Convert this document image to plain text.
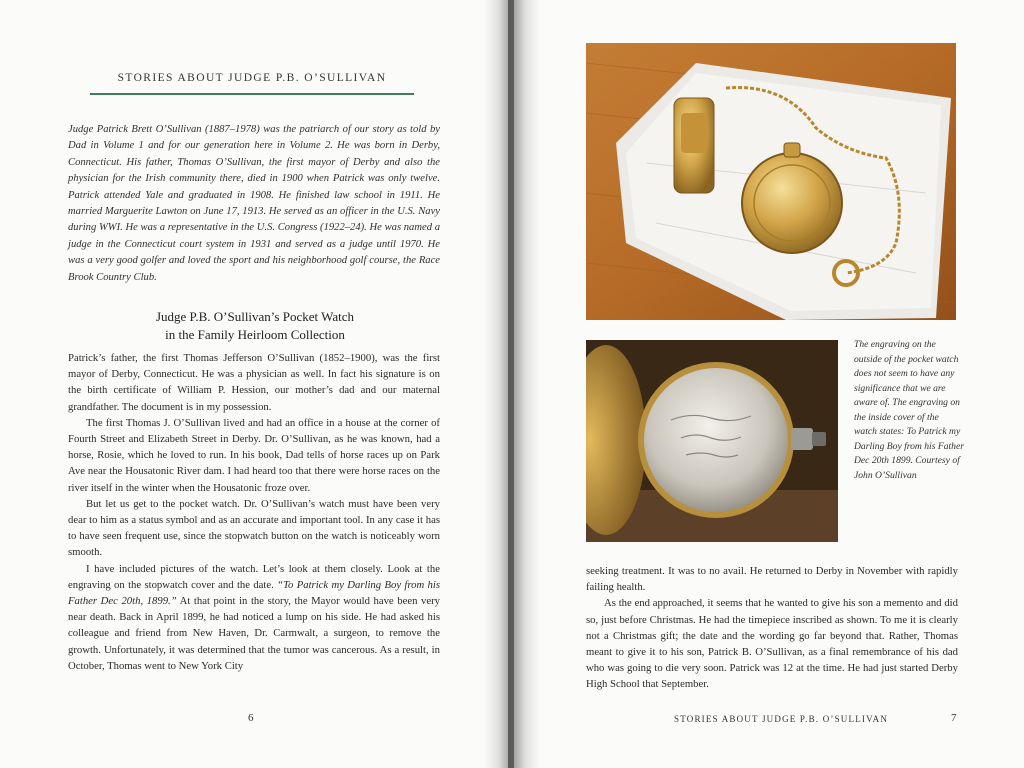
STORIES ABOUT JUDGE P.B. O’SULLIVAN
Judge Patrick Brett O’Sullivan (1887–1978) was the patriarch of our story as told by Dad in Volume 1 and for our generation here in Volume 2. He was born in Derby, Connecticut. His father, Thomas O’Sullivan, the first mayor of Derby and also the physician for the Irish community there, died in 1900 when Patrick was only twelve. Patrick attended Yale and graduated in 1908. He finished law school in 1911. He married Marguerite Lawton on June 17, 1913. He served as an officer in the U.S. Navy during WWI. He was a representative in the U.S. Congress (1922–24). He was named a judge in the Connecticut court system in 1931 and served as a judge until 1970. He was a very good golfer and loved the sport and his neighborhood golf course, the Race Brook Country Club.
Judge P.B. O’Sullivan’s Pocket Watch
in the Family Heirloom Collection

Patrick’s father, the first Thomas Jefferson O’Sullivan (1852–1900), was the first mayor of Derby, Connecticut. He was a physician as well. In fact his signature is on the birth certificate of William P. Hession, our mother’s dad and our maternal grandfather. The document is in my possession.

The first Thomas J. O’Sullivan lived and had an office in a house at the corner of Fourth Street and Elizabeth Street in Derby. Dr. O’Sullivan, as he was known, had a horse, Rosie, which he loved to run. In his book, Dad tells of horse races up on Park Ave near the Housatonic River dam. I had heard too that there were horse races on the river itself in the winter when the Housatonic froze over.

But let us get to the pocket watch. Dr. O’Sullivan’s watch must have been very dear to him as a status symbol and as an accurate and important tool. In any case it has to have seen frequent use, since the stopwatch button on the watch is noticeably worn smooth.

I have included pictures of the watch. Let’s look at them closely. Look at the engraving on the stopwatch cover and the date. “To Patrick my Darling Boy from his Father Dec 20th, 1899.” At that point in the story, the Mayor would have been very near death. Back in April 1899, he had noticed a lump on his side. He had asked his colleague and friend from New Haven, Dr. Carmwalt, a surgeon, to remove the growth. Unfortunately, it was determined that the tumor was cancerous. As a result, in October, Thomas went to New York City

6
The engraving on the outside of the pocket watch does not seem to have any significance that we are aware of. The engraving on the inside cover of the watch states: To Patrick my Darling Boy from his Father Dec 20th 1899. Courtesy of John O’Sullivan

seeking treatment. It was to no avail. He returned to Derby in November with rapidly failing health.

As the end approached, it seems that he wanted to give his son a memento and did so, just before Christmas. He had the timepiece inscribed as shown. To me it is clearly not a Christmas gift; the date and the wording go far beyond that. Rather, Thomas meant to give it to his son, Patrick B. O’Sullivan, as a final remembrance of his dad who was going to die very soon. Patrick was 12 at the time. He had just started Derby High School that September.

STORIES ABOUT JUDGE P.B. O’SULLIVAN	7
